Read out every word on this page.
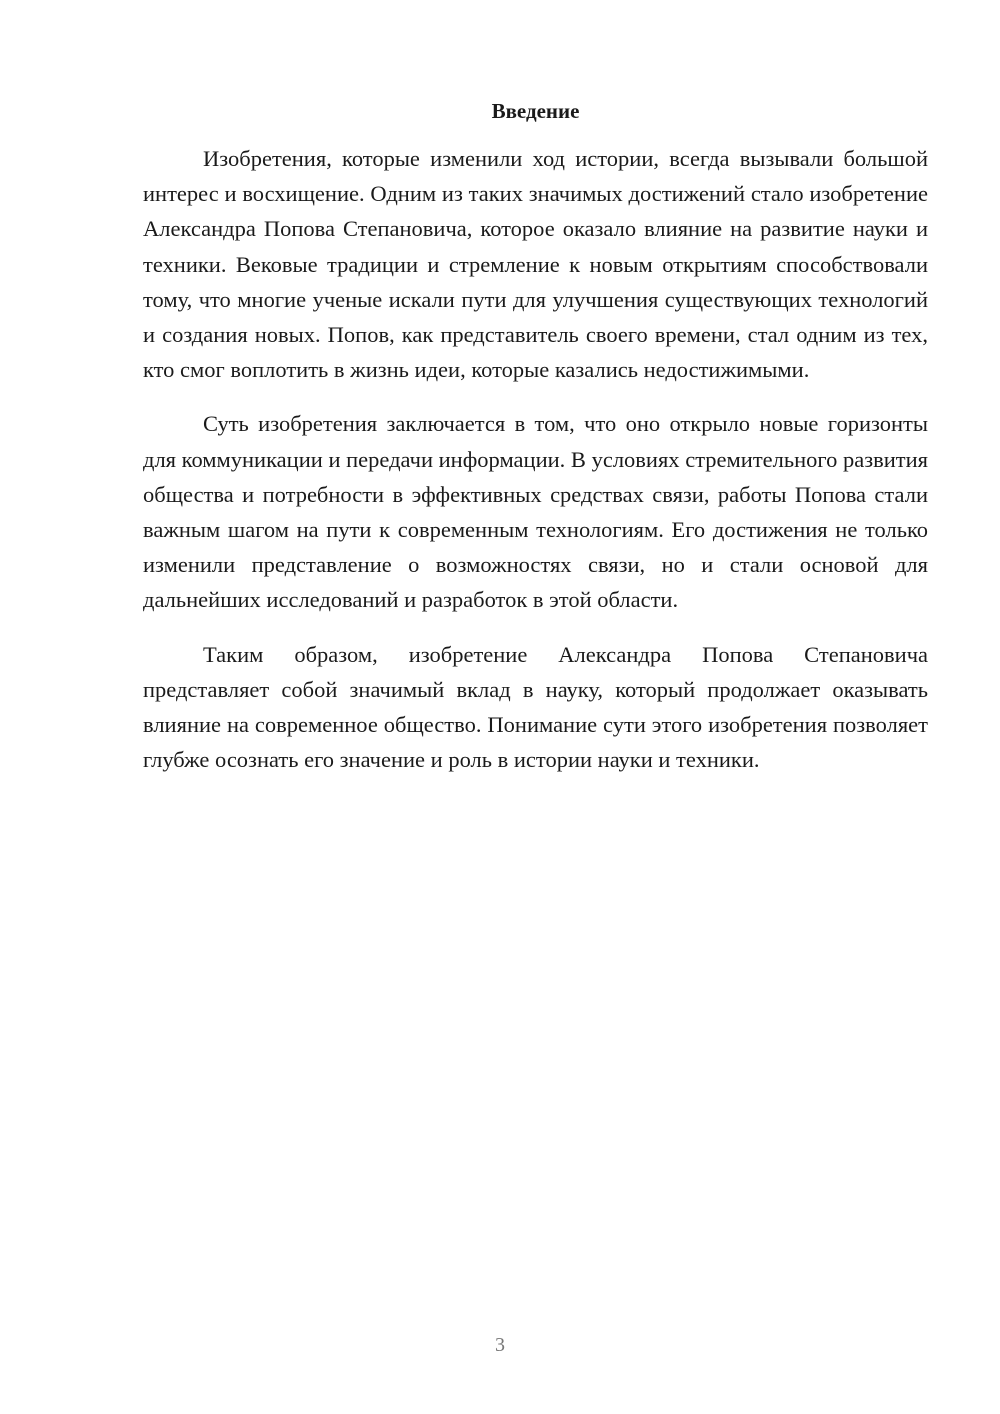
Введение

Изобретения, которые изменили ход истории, всегда вызывали большой интерес и восхищение. Одним из таких значимых достижений стало изобретение Александра Попова Степановича, которое оказало влияние на развитие науки и техники. Вековые традиции и стремление к новым открытиям способствовали тому, что многие ученые искали пути для улучшения существующих технологий и создания новых. Попов, как представитель своего времени, стал одним из тех, кто смог воплотить в жизнь идеи, которые казались недостижимыми.

Суть изобретения заключается в том, что оно открыло новые горизонты для коммуникации и передачи информации. В условиях стремительного развития общества и потребности в эффективных средствах связи, работы Попова стали важным шагом на пути к современным технологиям. Его достижения не только изменили представление о возможностях связи, но и стали основой для дальнейших исследований и разработок в этой области.

Таким образом, изобретение Александра Попова Степановича представляет собой значимый вклад в науку, который продолжает оказывать влияние на современное общество. Понимание сути этого изобретения позволяет глубже осознать его значение и роль в истории науки и техники.

3
